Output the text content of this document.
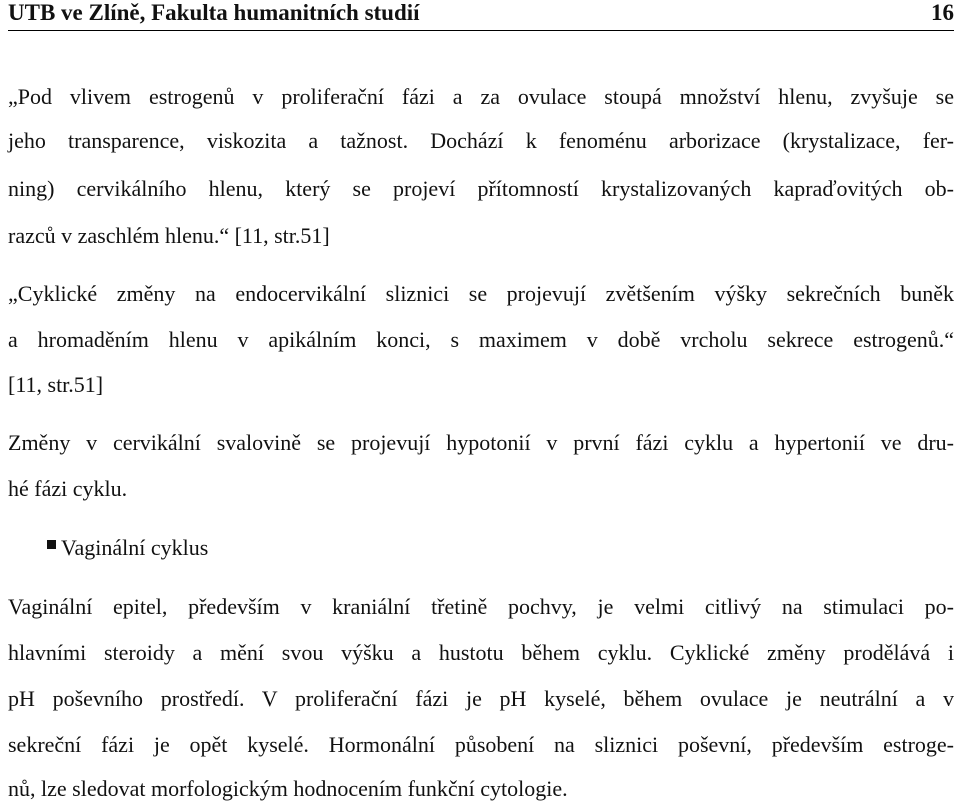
UTB ve Zlíně, Fakulta humanitních studií	16
„Pod vlivem estrogenů v proliferační fázi a za ovulace stoupá množství hlenu, zvyšuje se
jeho transparence, viskozita a tažnost. Dochází k fenoménu arborizace (krystalizace, fer-
ning) cervikálního hlenu, který se projeví přítomností krystalizovaných kapraďovitých ob-
razců v zaschlém hlenu.“ [11, str.51]
„Cyklické změny na endocervikální sliznici se projevují zvětšením výšky sekrečních buněk
a hromaděním hlenu v apikálním konci, s maximem v době vrcholu sekrece estrogenů.“
[11, str.51]
Změny v cervikální svalovině se projevují hypotonií v první fázi cyklu a hypertonií ve dru-
hé fázi cyklu.
Vaginální cyklus
Vaginální epitel, především v kraniální třetině pochvy, je velmi citlivý na stimulaci po-
hlavními steroidy a mění svou výšku a hustotu během cyklu. Cyklické změny prodělává i
pH poševního prostředí. V proliferační fázi je pH kyselé, během ovulace je neutrální a v
sekreční fázi je opět kyselé. Hormonální působení na sliznici poševní, především estroge-
nů, lze sledovat morfologickým hodnocením funkční cytologie.
